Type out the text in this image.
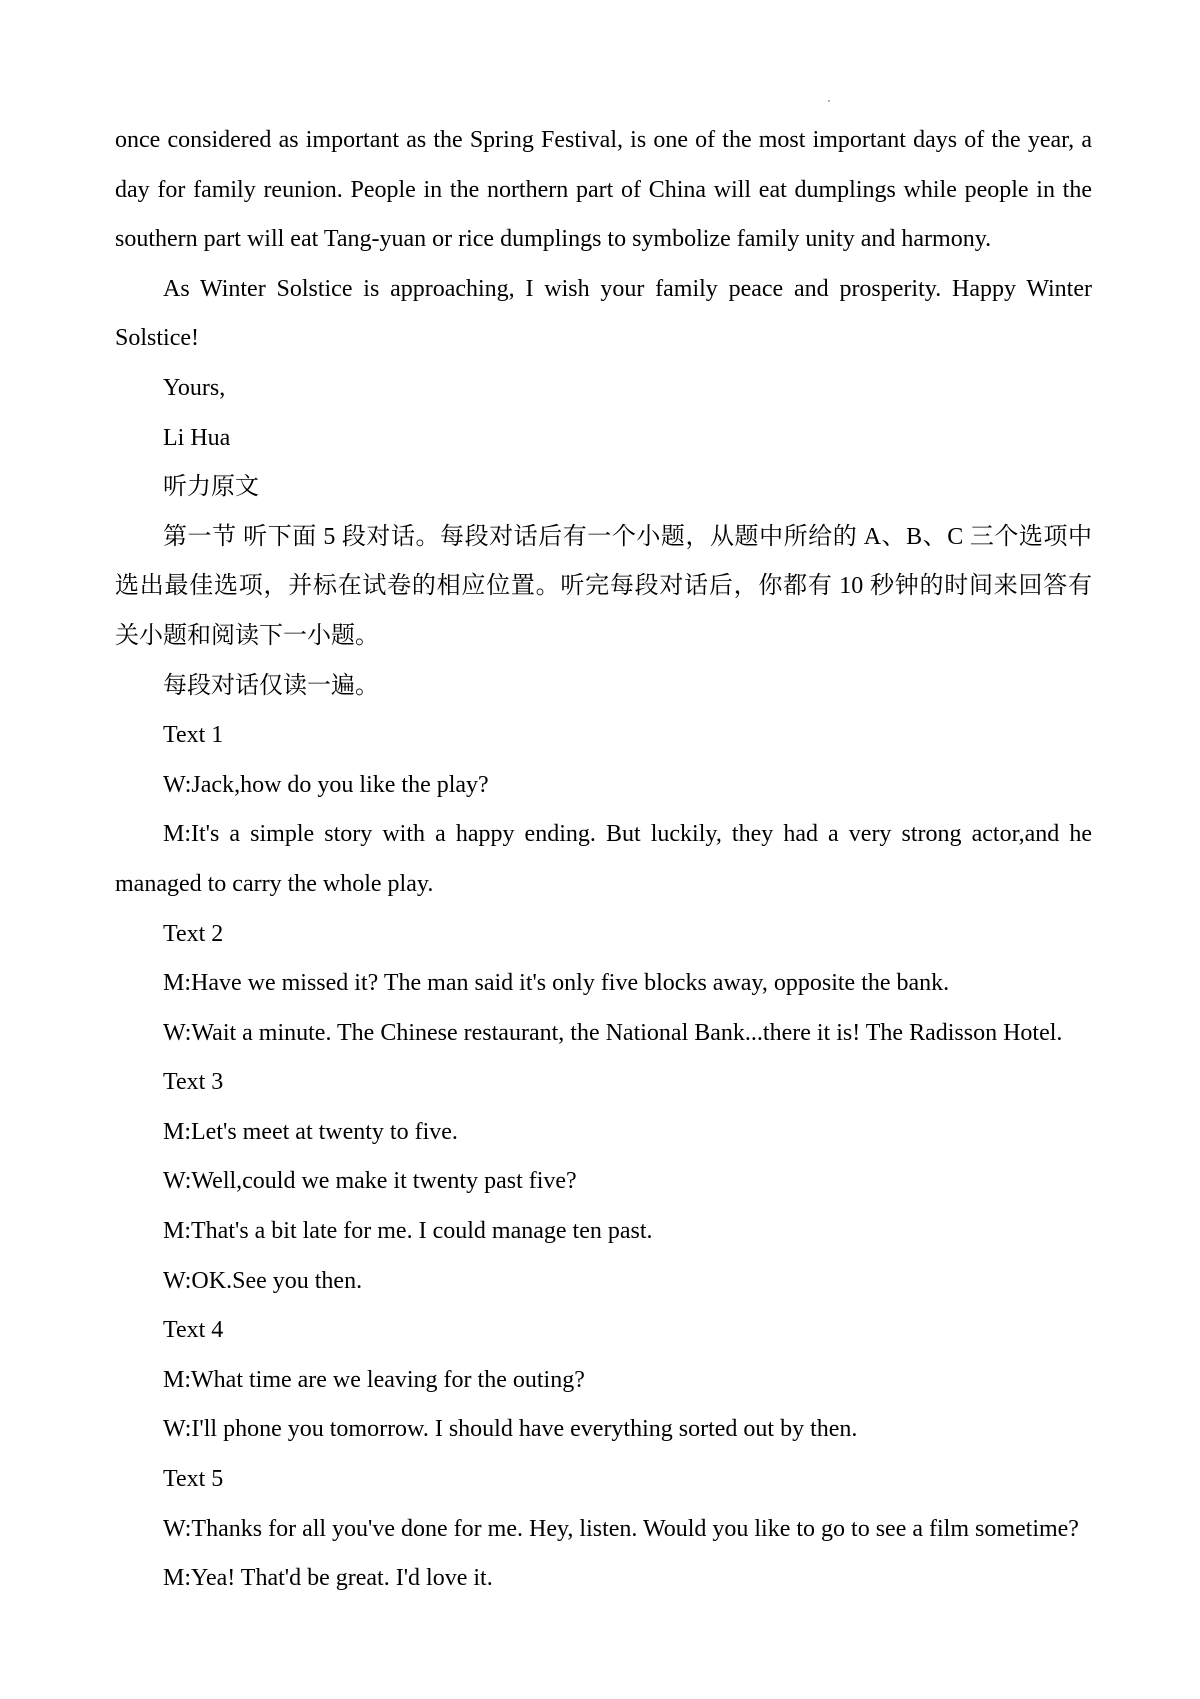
once considered as important as the Spring Festival, is one of the most important days of the year, a
day for family reunion. People in the northern part of China will eat dumplings while people in the
southern part will eat Tang-yuan or rice dumplings to symbolize family unity and harmony.
As Winter Solstice is approaching, I wish your family peace and prosperity. Happy Winter
Solstice!
Yours,
Li Hua
听力原文
第一节 听下面 5 段对话。每段对话后有一个小题，从题中所给的 A、B、C 三个选项中
选出最佳选项，并标在试卷的相应位置。听完每段对话后，你都有 10 秒钟的时间来回答有
关小题和阅读下一小题。
每段对话仅读一遍。
Text 1
W:Jack,how do you like the play?
M:It's a simple story with a happy ending. But luckily, they had a very strong actor,and he
managed to carry the whole play.
Text 2
M:Have we missed it? The man said it's only five blocks away, opposite the bank.
W:Wait a minute. The Chinese restaurant, the National Bank...there it is! The Radisson Hotel.
Text 3
M:Let's meet at twenty to five.
W:Well,could we make it twenty past five?
M:That's a bit late for me. I could manage ten past.
W:OK.See you then.
Text 4
M:What time are we leaving for the outing?
W:I'll phone you tomorrow. I should have everything sorted out by then.
Text 5
W:Thanks for all you've done for me. Hey, listen. Would you like to go to see a film sometime?
M:Yea! That'd be great. I'd love it.
